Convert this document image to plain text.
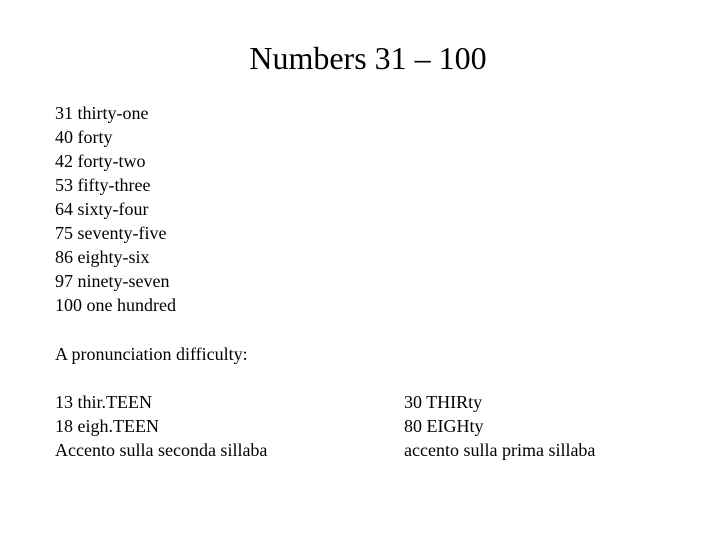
Numbers 31 – 100
31 thirty-one
40 forty
42 forty-two
53 fifty-three
64 sixty-four
75 seventy-five
86 eighty-six
97 ninety-seven
100 one hundred
A pronunciation difficulty:
13 thir.TEEN
18 eigh.TEEN
Accento sulla seconda sillaba
30 THIRty
80 EIGHty
accento sulla prima sillaba
